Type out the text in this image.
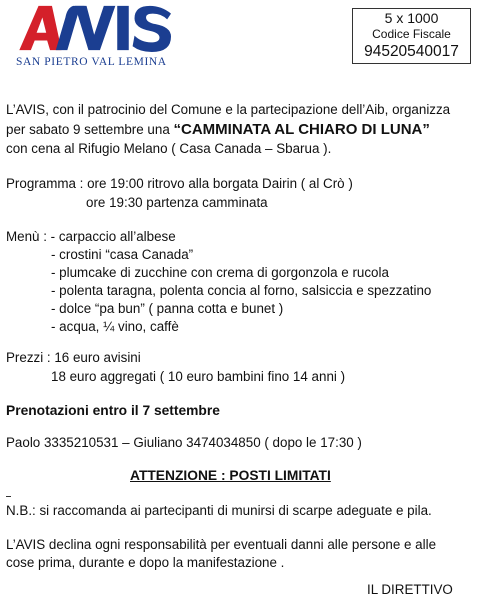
SAN PIETRO VAL LEMINA
5 x 1000
Codice Fiscale
94520540017
L’AVIS, con il patrocinio del Comune e la partecipazione dell’Aib, organizza
per sabato 9 settembre una “CAMMINATA AL CHIARO DI LUNA”
con cena al Rifugio Melano ( Casa Canada – Sbarua ).
Programma : ore 19:00 ritrovo alla borgata Dairin ( al Crò )
ore 19:30 partenza camminata
Menù : - carpaccio all’albese
- crostini “casa Canada”
- plumcake di zucchine con crema di gorgonzola e rucola
- polenta taragna, polenta concia al forno, salsiccia e spezzatino
- dolce “pa bun” ( panna cotta e bunet )
- acqua, ¼ vino, caffè
Prezzi : 16 euro avisini
18 euro aggregati ( 10 euro bambini fino 14 anni )
Prenotazioni entro il 7 settembre
Paolo 3335210531 – Giuliano 3474034850 ( dopo le 17:30 )
ATTENZIONE : POSTI LIMITATI
N.B.: si raccomanda ai partecipanti di munirsi di scarpe adeguate e pila.
L’AVIS declina ogni responsabilità per eventuali danni alle persone e alle
cose prima, durante e dopo la manifestazione .
IL DIRETTIVO
